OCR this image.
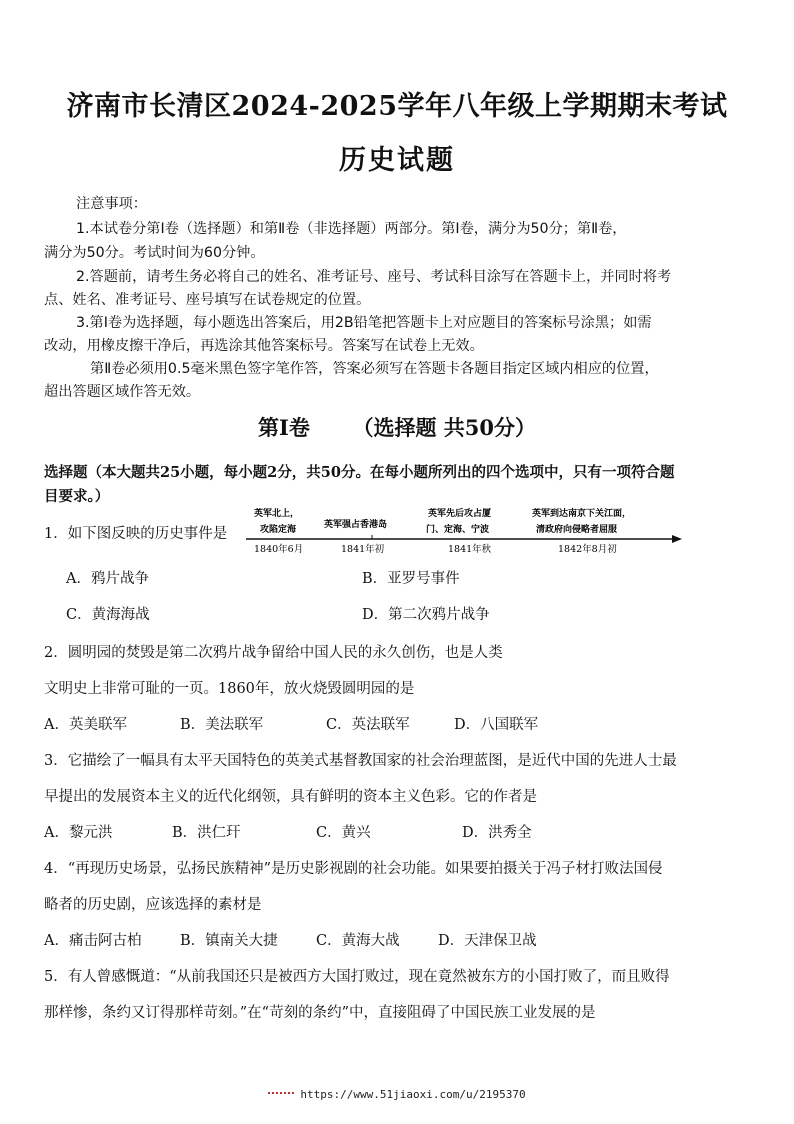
济南市长清区2024-2025学年八年级上学期期末考试
历史试题
注意事项：
1.本试卷分第Ⅰ卷（选择题）和第Ⅱ卷（非选择题）两部分。第Ⅰ卷，满分为50分；第Ⅱ卷，
满分为50分。考试时间为60分钟。
2.答题前，请考生务必将自己的姓名、准考证号、座号、考试科目涂写在答题卡上，并同时将考
点、姓名、准考证号、座号填写在试卷规定的位置。
3.第Ⅰ卷为选择题，每小题选出答案后，用2B铅笔把答题卡上对应题目的答案标号涂黑；如需
改动，用橡皮擦干净后，再选涂其他答案标号。答案写在试卷上无效。
第Ⅱ卷必须用0.5毫米黑色签字笔作答，答案必须写在答题卡各题目指定区域内相应的位置，
超出答题区域作答无效。
第Ⅰ卷 （选择题 共50分）
选择题（本大题共25小题，每小题2分，共50分。在每小题所列出的四个选项中，只有一项符合题
目要求。）
1．如下图反映的历史事件是
英军北上，
攻陷定海
1840年6月
英军强占香港岛
1841年初
英军先后攻占厦
门、定海、宁波
1841年秋
英军到达南京下关江面，
清政府向侵略者屈服
1842年8月初
A．鸦片战争	B．亚罗号事件
C．黄海海战	D．第二次鸦片战争
2．圆明园的焚毁是第二次鸦片战争留给中国人民的永久创伤，也是人类
文明史上非常可耻的一页。1860年，放火烧毁圆明园的是
A．英美联军	B．美法联军	C．英法联军	D．八国联军
3．它描绘了一幅具有太平天国特色的英美式基督教国家的社会治理蓝图，是近代中国的先进人士最
早提出的发展资本主义的近代化纲领，具有鲜明的资本主义色彩。它的作者是
A．黎元洪	B．洪仁玕	C．黄兴	D．洪秀全
4．“再现历史场景，弘扬民族精神”是历史影视剧的社会功能。如果要拍摄关于冯子材打败法国侵
略者的历史剧，应该选择的素材是
A．痛击阿古柏	B．镇南关大捷	C．黄海大战	D．天津保卫战
5．有人曾感慨道：“从前我国还只是被西方大国打败过，现在竟然被东方的小国打败了，而且败得
那样惨，条约又订得那样苛刻。”在“苛刻的条约”中，直接阻碍了中国民族工业发展的是
https://www.51jiaoxi.com/u/2195370
